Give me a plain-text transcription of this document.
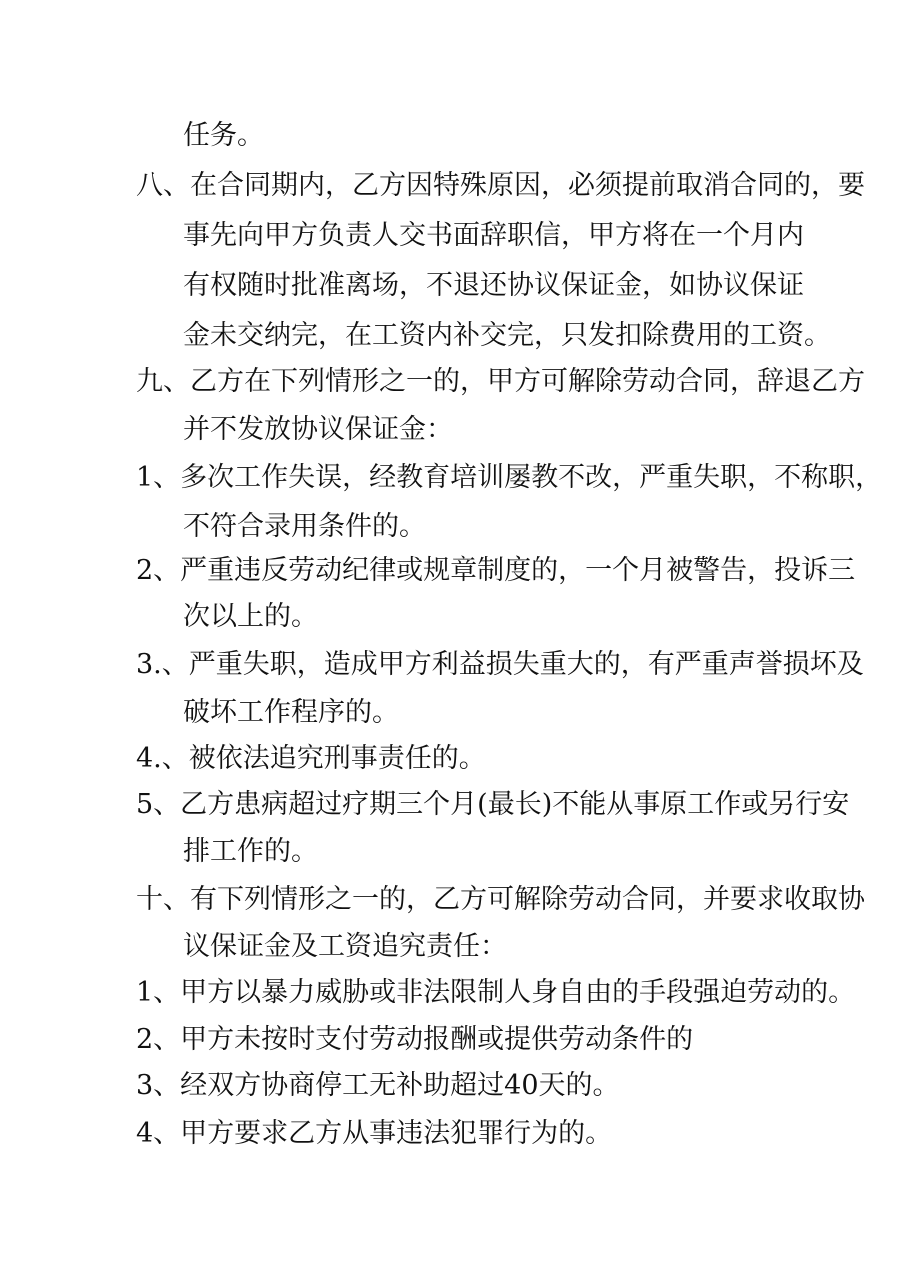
任务。
八、在合同期内，乙方因特殊原因，必须提前取消合同的，要
事先向甲方负责人交书面辞职信，甲方将在一个月内
有权随时批准离场，不退还协议保证金，如协议保证
金未交纳完，在工资内补交完，只发扣除费用的工资。
九、乙方在下列情形之一的，甲方可解除劳动合同，辞退乙方
并不发放协议保证金：
1、多次工作失误，经教育培训屡教不改，严重失职，不称职，
不符合录用条件的。
2、严重违反劳动纪律或规章制度的，一个月被警告，投诉三
次以上的。
3.、严重失职，造成甲方利益损失重大的，有严重声誉损坏及
破坏工作程序的。
4.、被依法追究刑事责任的。
5、乙方患病超过疗期三个月(最长)不能从事原工作或另行安
排工作的。
十、有下列情形之一的，乙方可解除劳动合同，并要求收取协
议保证金及工资追究责任：
1、甲方以暴力威胁或非法限制人身自由的手段强迫劳动的。
2、甲方未按时支付劳动报酬或提供劳动条件的
3、经双方协商停工无补助超过40天的。
4、甲方要求乙方从事违法犯罪行为的。
